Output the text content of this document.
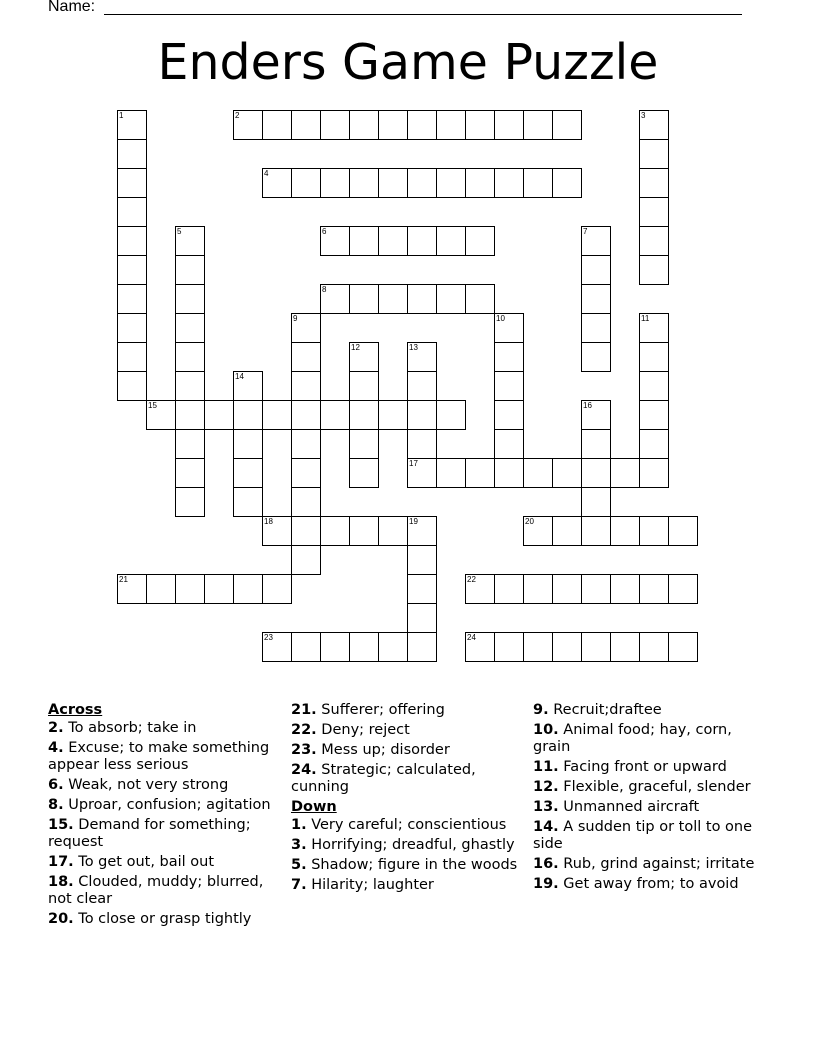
Name:
Enders Game Puzzle
2
4
6
8
15
17
18	19	20
21	22
23	24
1	3
5	7
9	10	11
12	13
14
16
Across
2. To absorb; take in
4. Excuse; to make something appear less serious
6. Weak, not very strong
8. Uproar, confusion; agitation
15. Demand for something; request
17. To get out, bail out
18. Clouded, muddy; blurred, not clear
20. To close or grasp tightly
21. Sufferer; offering
22. Deny; reject
23. Mess up; disorder
24. Strategic; calculated, cunning
Down
1. Very careful; conscientious
3. Horrifying; dreadful, ghastly
5. Shadow; figure in the woods
7. Hilarity; laughter
9. Recruit;draftee
10. Animal food; hay, corn, grain
11. Facing front or upward
12. Flexible, graceful, slender
13. Unmanned aircraft
14. A sudden tip or toll to one side
16. Rub, grind against; irritate
19. Get away from; to avoid
